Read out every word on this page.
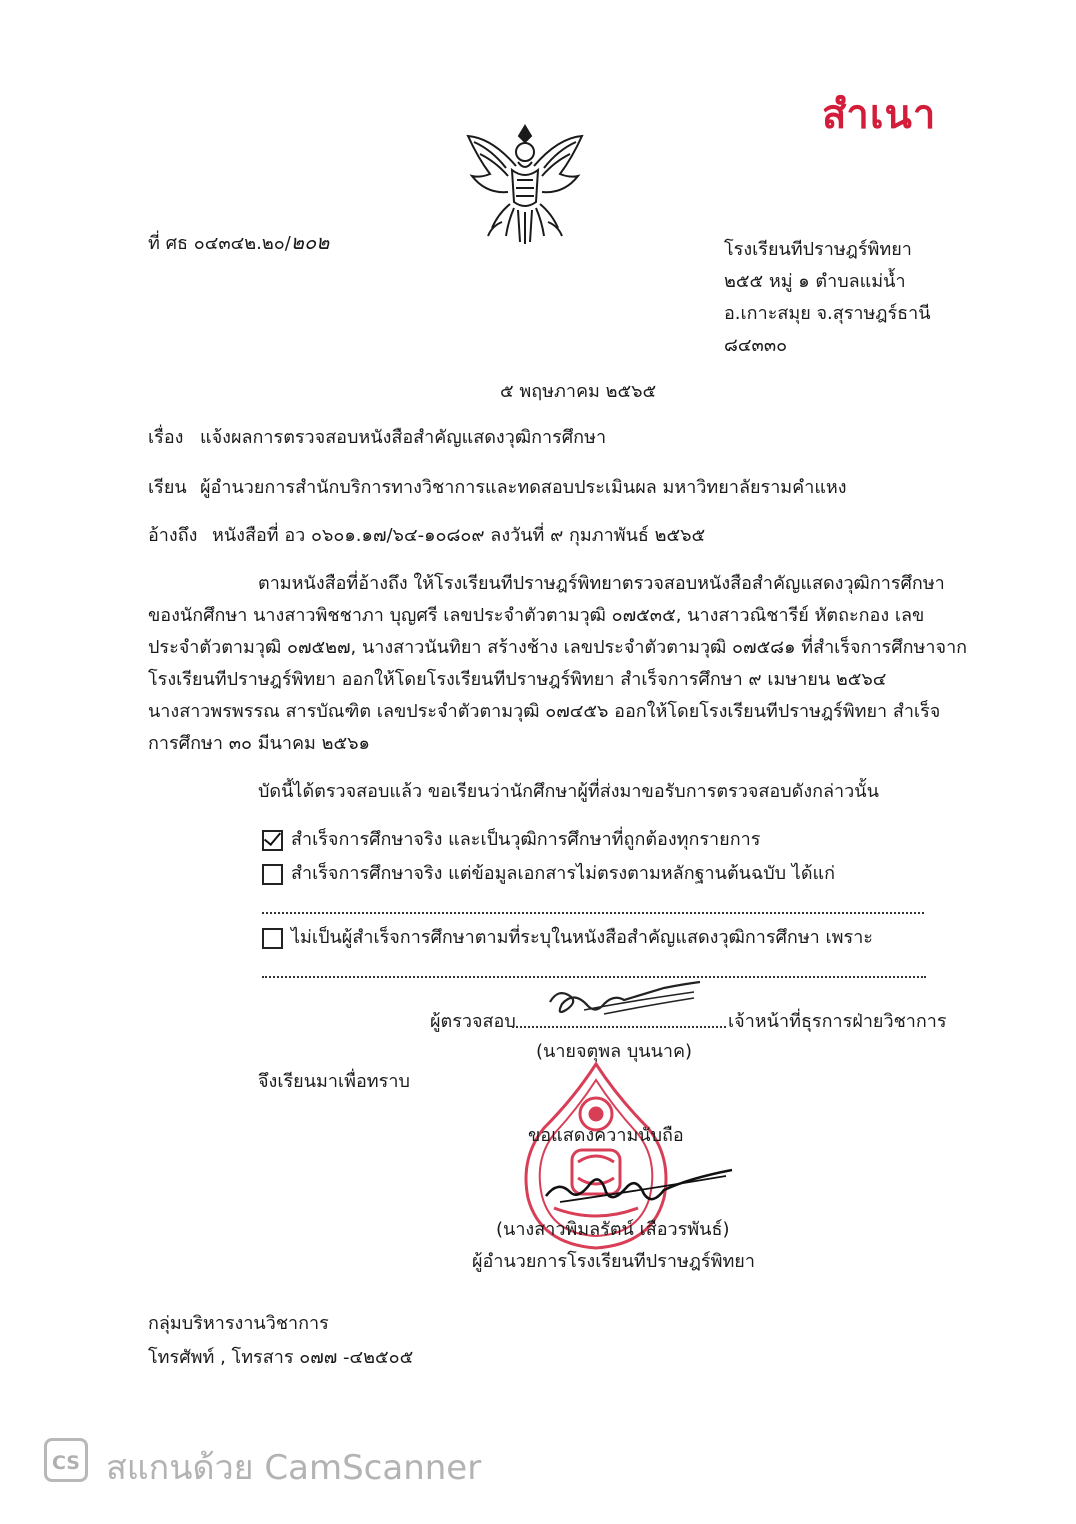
สำเนา
ที่ ศธ ๐๔๓๔๒.๒๐/๒๐๒	โรงเรียนทีปราษฎร์พิทยา
๒๕๕ หมู่ ๑ ตำบลแม่น้ำ
อ.เกาะสมุย จ.สุราษฎร์ธานี
๘๔๓๓๐
๕ พฤษภาคม ๒๕๖๕
เรื่อง แจ้งผลการตรวจสอบหนังสือสำคัญแสดงวุฒิการศึกษา
เรียน ผู้อำนวยการสำนักบริการทางวิชาการและทดสอบประเมินผล มหาวิทยาลัยรามคำแหง
อ้างถึง หนังสือที่ อว ๐๖๐๑.๑๗/๖๔-๑๐๘๐๙ ลงวันที่ ๙ กุมภาพันธ์ ๒๕๖๕
ตามหนังสือที่อ้างถึง ให้โรงเรียนทีปราษฎร์พิทยาตรวจสอบหนังสือสำคัญแสดงวุฒิการศึกษา
ของนักศึกษา นางสาวพิชชาภา บุญศรี เลขประจำตัวตามวุฒิ ๐๗๕๓๕, นางสาวณิชารีย์ หัตถะกอง เลข
ประจำตัวตามวุฒิ ๐๗๕๒๗, นางสาวนันทิยา สร้างช้าง เลขประจำตัวตามวุฒิ ๐๗๕๘๑ ที่สำเร็จการศึกษาจาก
โรงเรียนทีปราษฎร์พิทยา ออกให้โดยโรงเรียนทีปราษฎร์พิทยา สำเร็จการศึกษา ๙ เมษายน ๒๕๖๔
นางสาวพรพรรณ สารบัณฑิต เลขประจำตัวตามวุฒิ ๐๗๔๕๖ ออกให้โดยโรงเรียนทีปราษฎร์พิทยา สำเร็จ
การศึกษา ๓๐ มีนาคม ๒๕๖๑
บัดนี้ได้ตรวจสอบแล้ว ขอเรียนว่านักศึกษาผู้ที่ส่งมาขอรับการตรวจสอบดังกล่าวนั้น
สำเร็จการศึกษาจริง และเป็นวุฒิการศึกษาที่ถูกต้องทุกรายการ
สำเร็จการศึกษาจริง แต่ข้อมูลเอกสารไม่ตรงตามหลักฐานต้นฉบับ ได้แก่
ไม่เป็นผู้สำเร็จการศึกษาตามที่ระบุในหนังสือสำคัญแสดงวุฒิการศึกษา เพราะ
ผู้ตรวจสอบ	เจ้าหน้าที่ธุรการฝ่ายวิชาการ
(นายจตุพล บุนนาค)
จึงเรียนมาเพื่อทราบ
ขอแสดงความนับถือ
(นางสาวพิมลรัตน์ เสือวรพันธ์)
ผู้อำนวยการโรงเรียนทีปราษฎร์พิทยา
กลุ่มบริหารงานวิชาการ
โทรศัพท์ , โทรสาร ๐๗๗ -๔๒๕๐๕
CS สแกนด้วย CamScanner
